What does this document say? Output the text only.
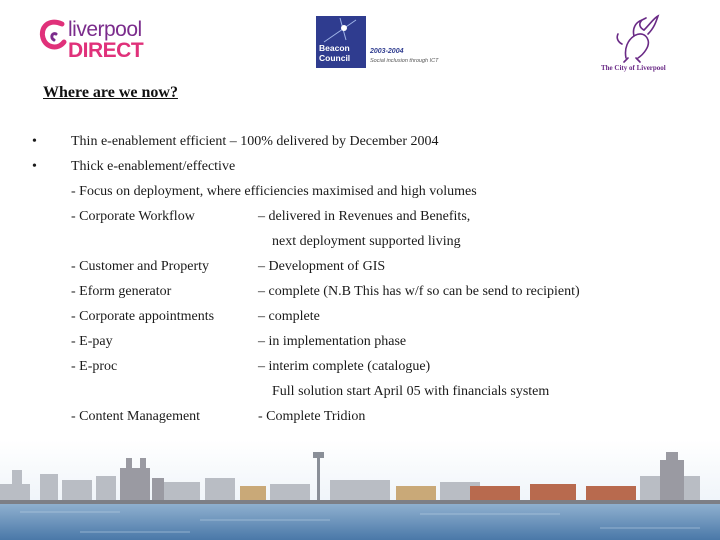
liverpool
DIRECT	Beacon
Council
2003-2004
Social inclusion through ICT
The City of Liverpool
Where are we now?
• Thin e-enablement efficient – 100% delivered by December 2004
• Thick e-enablement/effective
- Focus on deployment, where efficiencies maximised and high volumes
- Corporate Workflow	– delivered in Revenues and Benefits,
next deployment supported living
- Customer and Property	– Development of GIS
- Eform generator	– complete (N.B This has w/f so can be send to recipient)
- Corporate appointments	– complete
- E-pay	– in implementation phase
- E-proc	– interim complete (catalogue)
Full solution start April 05 with financials system
- Content Management	- Complete Tridion
